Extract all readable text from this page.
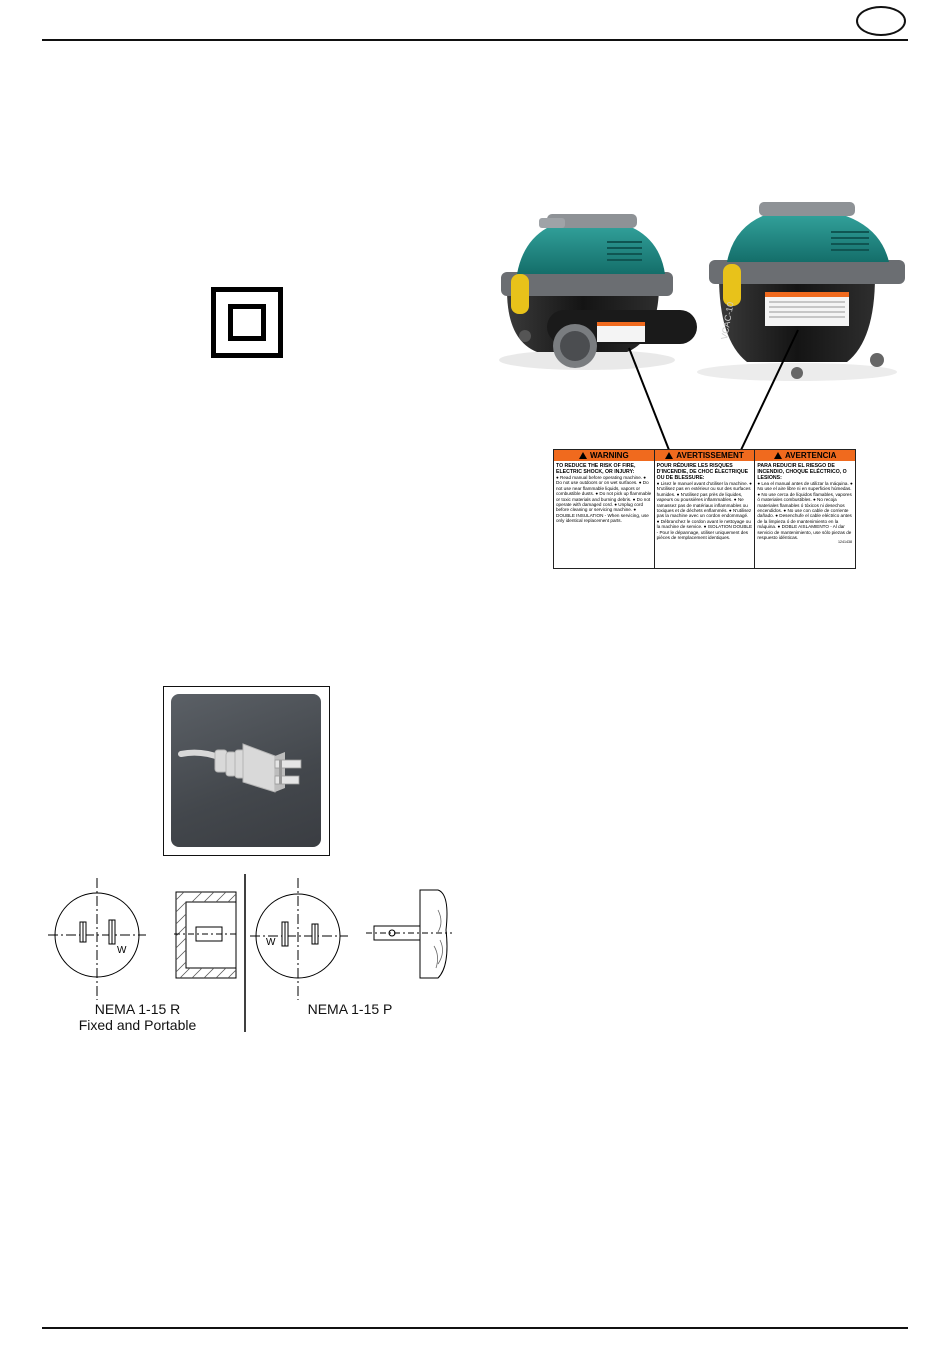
VCAC-10
WARNING
TO REDUCE THE RISK OF FIRE, ELECTRIC SHOCK, OR INJURY:
● Read manual before operating machine. ● Do not use outdoors or on wet surfaces. ● Do not use near flammable liquids, vapors or combustible dusts. ● Do not pick up flammable or toxic materials and burning debris. ● Do not operate with damaged cord. ● Unplug cord before cleaning or servicing machine. ● DOUBLE INSULATION - When servicing, use only identical replacement parts.
AVERTISSEMENT
POUR RÉDUIRE LES RISQUES D'INCENDIE, DE CHOC ÉLECTRIQUE OU DE BLESSURE:
● Lisez le manuel avant d'utiliser la machine. ● N'utilisez pas en extérieur ou sur des surfaces humides. ● N'utilisez pas près de liquides, vapeurs ou poussières inflammables. ● Ne ramassez pas de matériaux inflammables ou toxiques et de déchets enflammés. ● N'utilisez pas la machine avec un cordon endommagé. ● Débranchez le cordon avant le nettoyage ou la machine de service. ● ISOLATION DOUBLE - Pour le dépannage, utiliser uniquement des pièces de remplacement identiques.
AVERTENCIA
PARA REDUCIR EL RIESGO DE INCENDIO, CHOQUE ELÉCTRICO, O LESIONS:
● Lea el manual antes de utilizar la máquina. ● No use el aire libre ni en superficies húmedas. ● No use cerca de líquidos flamables, vapores ó materiales combustibles. ● No recoja materiales flamables ó tóxicos ni desechos encendidos. ● No use con cable de corriente dañado. ● Desenchufe el cable eléctrico antes de la limpieza ó de mantenimiento en la máquina. ● DOBLE AISLAMIENTO - Al dar servicio de mantenimiento, use sólo piezas de respuesto idénticas.
1241438
W
W
NEMA 1-15 R
Fixed and Portable
NEMA 1-15 P
